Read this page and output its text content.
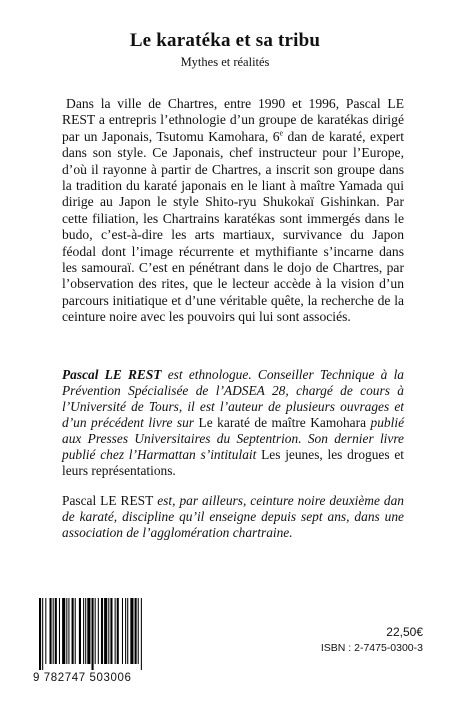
Le karatéka et sa tribu
Mythes et réalités

Dans la ville de Chartres, entre 1990 et 1996, Pascal LE REST a entrepris l’ethnologie d’un groupe de karatékas dirigé par un Japonais, Tsutomu Kamohara, 6e dan de karaté, expert dans son style. Ce Japonais, chef instructeur pour l’Europe, d’où il rayonne à partir de Chartres, a inscrit son groupe dans la tradition du karaté japonais en le liant à maître Yamada qui dirige au Japon le style Shito-ryu Shukokaï Gishinkan. Par cette filiation, les Chartrains karatékas sont immergés dans le budo, c’est-à-dire les arts martiaux, survivance du Japon féodal dont l’image récurrente et mythifiante s’incarne dans les samouraï. C’est en pénétrant dans le dojo de Chartres, par l’observation des rites, que le lecteur accède à la vision d’un parcours initiatique et d’une véritable quête, la recherche de la ceinture noire avec les pouvoirs qui lui sont associés.

Pascal LE REST est ethnologue. Conseiller Technique à la Prévention Spécialisée de l’ADSEA 28, chargé de cours à l’Université de Tours, il est l’auteur de plusieurs ouvrages et d’un précédent livre sur Le karaté de maître Kamohara publié aux Presses Universitaires du Septentrion. Son dernier livre publié chez l’Harmattan s’intitulait Les jeunes, les drogues et leurs représentations.

Pascal LE REST est, par ailleurs, ceinture noire deuxième dan de karaté, discipline qu’il enseigne depuis sept ans, dans une association de l’agglomération chartraine.

9 782747 503006
22,50€
ISBN : 2-7475-0300-3
